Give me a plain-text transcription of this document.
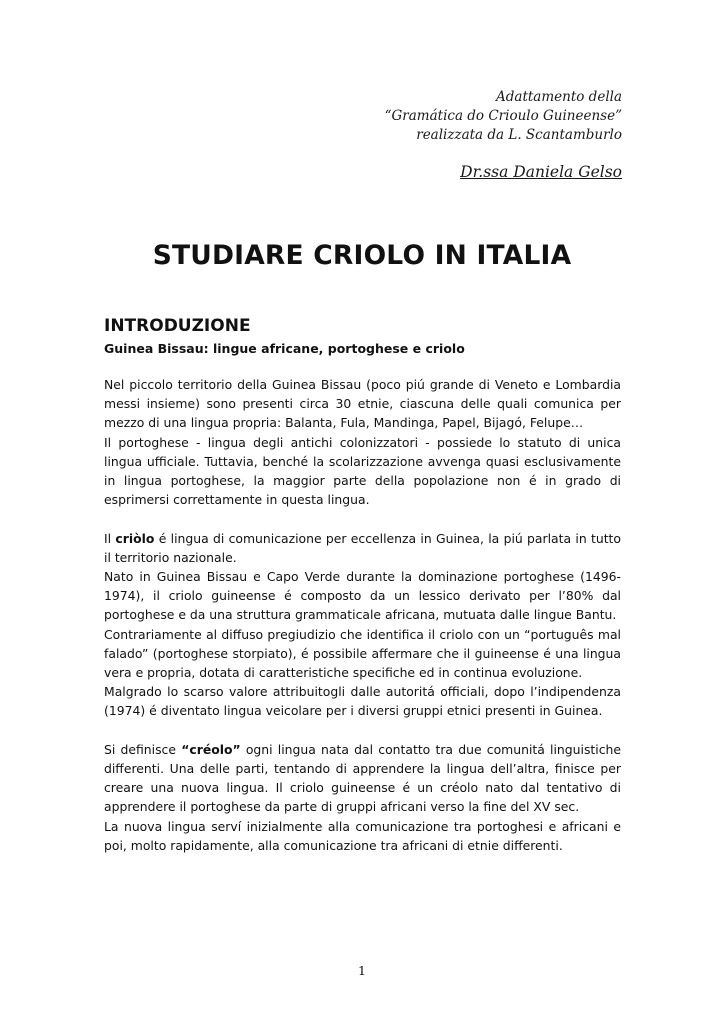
Adattamento della
“Gramática do Crioulo Guineense”
realizzata da L. Scantamburlo
Dr.ssa Daniela Gelso
STUDIARE CRIOLO IN ITALIA
INTRODUZIONE
Guinea Bissau: lingue africane, portoghese e criolo

Nel piccolo territorio della Guinea Bissau (poco piú grande di Veneto e Lombardia messi insieme) sono presenti circa 30 etnie, ciascuna delle quali comunica per mezzo di una lingua propria: Balanta, Fula, Mandinga, Papel, Bijagó, Felupe…

Il portoghese - lingua degli antichi colonizzatori - possiede lo statuto di unica lingua ufficiale. Tuttavia, benché la scolarizzazione avvenga quasi esclusivamente in lingua portoghese, la maggior parte della popolazione non é in grado di esprimersi correttamente in questa lingua.

Il criòlo é lingua di comunicazione per eccellenza in Guinea, la piú parlata in tutto il territorio nazionale.

Nato in Guinea Bissau e Capo Verde durante la dominazione portoghese (1496-1974), il criolo guineense é composto da un lessico derivato per l’80% dal portoghese e da una struttura grammaticale africana, mutuata dalle lingue Bantu.

Contrariamente al diffuso pregiudizio che identifica il criolo con un “português mal falado” (portoghese storpiato), é possibile affermare che il guineense é una lingua vera e propria, dotata di caratteristiche specifiche ed in continua evoluzione.

Malgrado lo scarso valore attribuitogli dalle autoritá officiali, dopo l’indipendenza (1974) é diventato lingua veicolare per i diversi gruppi etnici presenti in Guinea.

Si definisce “créolo” ogni lingua nata dal contatto tra due comunitá linguistiche differenti. Una delle parti, tentando di apprendere la lingua dell’altra, finisce per creare una nuova lingua. Il criolo guineense é un créolo nato dal tentativo di apprendere il portoghese da parte di gruppi africani verso la fine del XV sec.

La nuova lingua serví inizialmente alla comunicazione tra portoghesi e africani e poi, molto rapidamente, alla comunicazione tra africani di etnie differenti.

1
